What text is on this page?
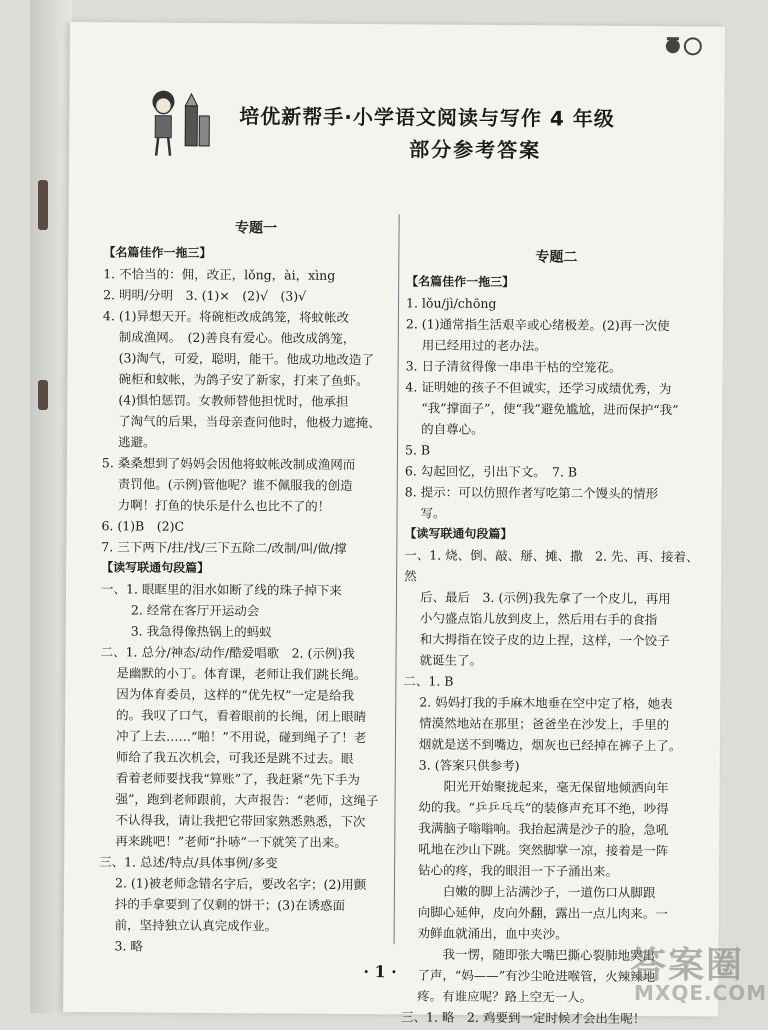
培优新帮手·小学语文阅读与写作 4 年级
部分参考答案
专题一
【名篇佳作一拖三】
1. 不恰当的：佣，改正，lǒng，ài，xìng
2. 明明/分明　3. (1)×　(2)√　(3)√
4. (1)异想天开。将碗柜改成鸽笼，将蚊帐改
制成渔网。　(2)善良有爱心。他改成鸽笼，
(3)淘气，可爱，聪明，能干。他成功地改造了
碗柜和蚊帐，为鸽子安了新家，打来了鱼虾。
(4)惧怕惩罚。女教师替他担忧时，他承担
了淘气的后果，当母亲查问他时，他极力遮掩、
逃避。
5. 桑桑想到了妈妈会因他将蚊帐改制成渔网而
责罚他。(示例)管他呢？谁不佩服我的创造
力啊！打鱼的快乐是什么也比不了的！
6. (1)B　(2)C
7. 三下两下/拄/找/三下五除二/改制/叫/做/撑
【读写联通句段篇】
一、1. 眼眶里的泪水如断了线的珠子掉下来
2. 经常在客厅开运动会
3. 我急得像热锅上的蚂蚁
二、1. 总分/神态/动作/酷爱唱歌　2. (示例)我
是幽默的小丁。体育课，老师让我们跳长绳。
因为体育委员，这样的“优先权”一定是给我
的。我叹了口气，看着眼前的长绳，闭上眼睛
冲了上去……“啪！”不用说，碰到绳子了！老
师给了我五次机会，可我还是跳不过去。眼
看着老师要找我“算账”了，我赶紧“先下手为
强”，跑到老师跟前，大声报告：“老师，这绳子
不认得我，请让我把它带回家熟悉熟悉，下次
再来跳吧！”老师“扑哧”一下就笑了出来。
三、1. 总述/特点/具体事例/多变
2. (1)被老师念错名字后，要改名字；(2)用颤
抖的手拿要到了仅剩的饼干；(3)在诱惑面
前，坚持独立认真完成作业。
3. 略
专题二
【名篇佳作一拖三】
1. lǒu/jì/chōng
2. (1)通常指生活艰辛或心绪极差。(2)再一次使
用已经用过的老办法。
3. 日子清贫得像一串串干枯的空笼花。
4. 证明她的孩子不但诚实，还学习成绩优秀，为
“我”撑面子”，使“我”避免尴尬，进而保护“我”
的自尊心。
5. B
6. 勾起回忆，引出下文。　7. B
8. 提示：可以仿照作者写吃第二个馒头的情形
写。
【读写联通句段篇】
一、1. 烧、倒、敲、掰、摊、撒　2. 先、再、接着、然
后、最后　3. (示例)我先拿了一个皮儿，再用
小勺盛点馅儿放到皮上，然后用右手的食指
和大拇指在饺子皮的边上捏，这样，一个饺子
就诞生了。
二、1. B
2. 妈妈打我的手麻木地垂在空中定了格，她表
情漠然地站在那里；爸爸坐在沙发上，手里的
烟就是送不到嘴边，烟灰也已经掉在裤子上了。
3. (答案只供参考)
阳光开始聚拢起来，毫无保留地倾洒向年
幼的我。“乒乒乓乓”的装修声充耳不绝，吵得
我满脑子嗡嗡响。我抬起满是沙子的脸，急吼
吼地在沙山下跳。突然脚掌一凉，接着是一阵
钻心的疼，我的眼泪一下子涌出来。
白嫩的脚上沾满沙子，一道伤口从脚跟
向脚心延伸，皮向外翻，露出一点儿肉来。一
劝鲜血就涌出，血中夹沙。
我一愣，随即张大嘴巴撕心裂肺地哭出
了声，“妈——”有沙尘呛进喉管，火辣辣地
疼。有谁应呢？路上空无一人。
三、1. 略　2. 鸡要到一定时候才会出生呢！
· 1 ·	答案圈
MXQE.COM
